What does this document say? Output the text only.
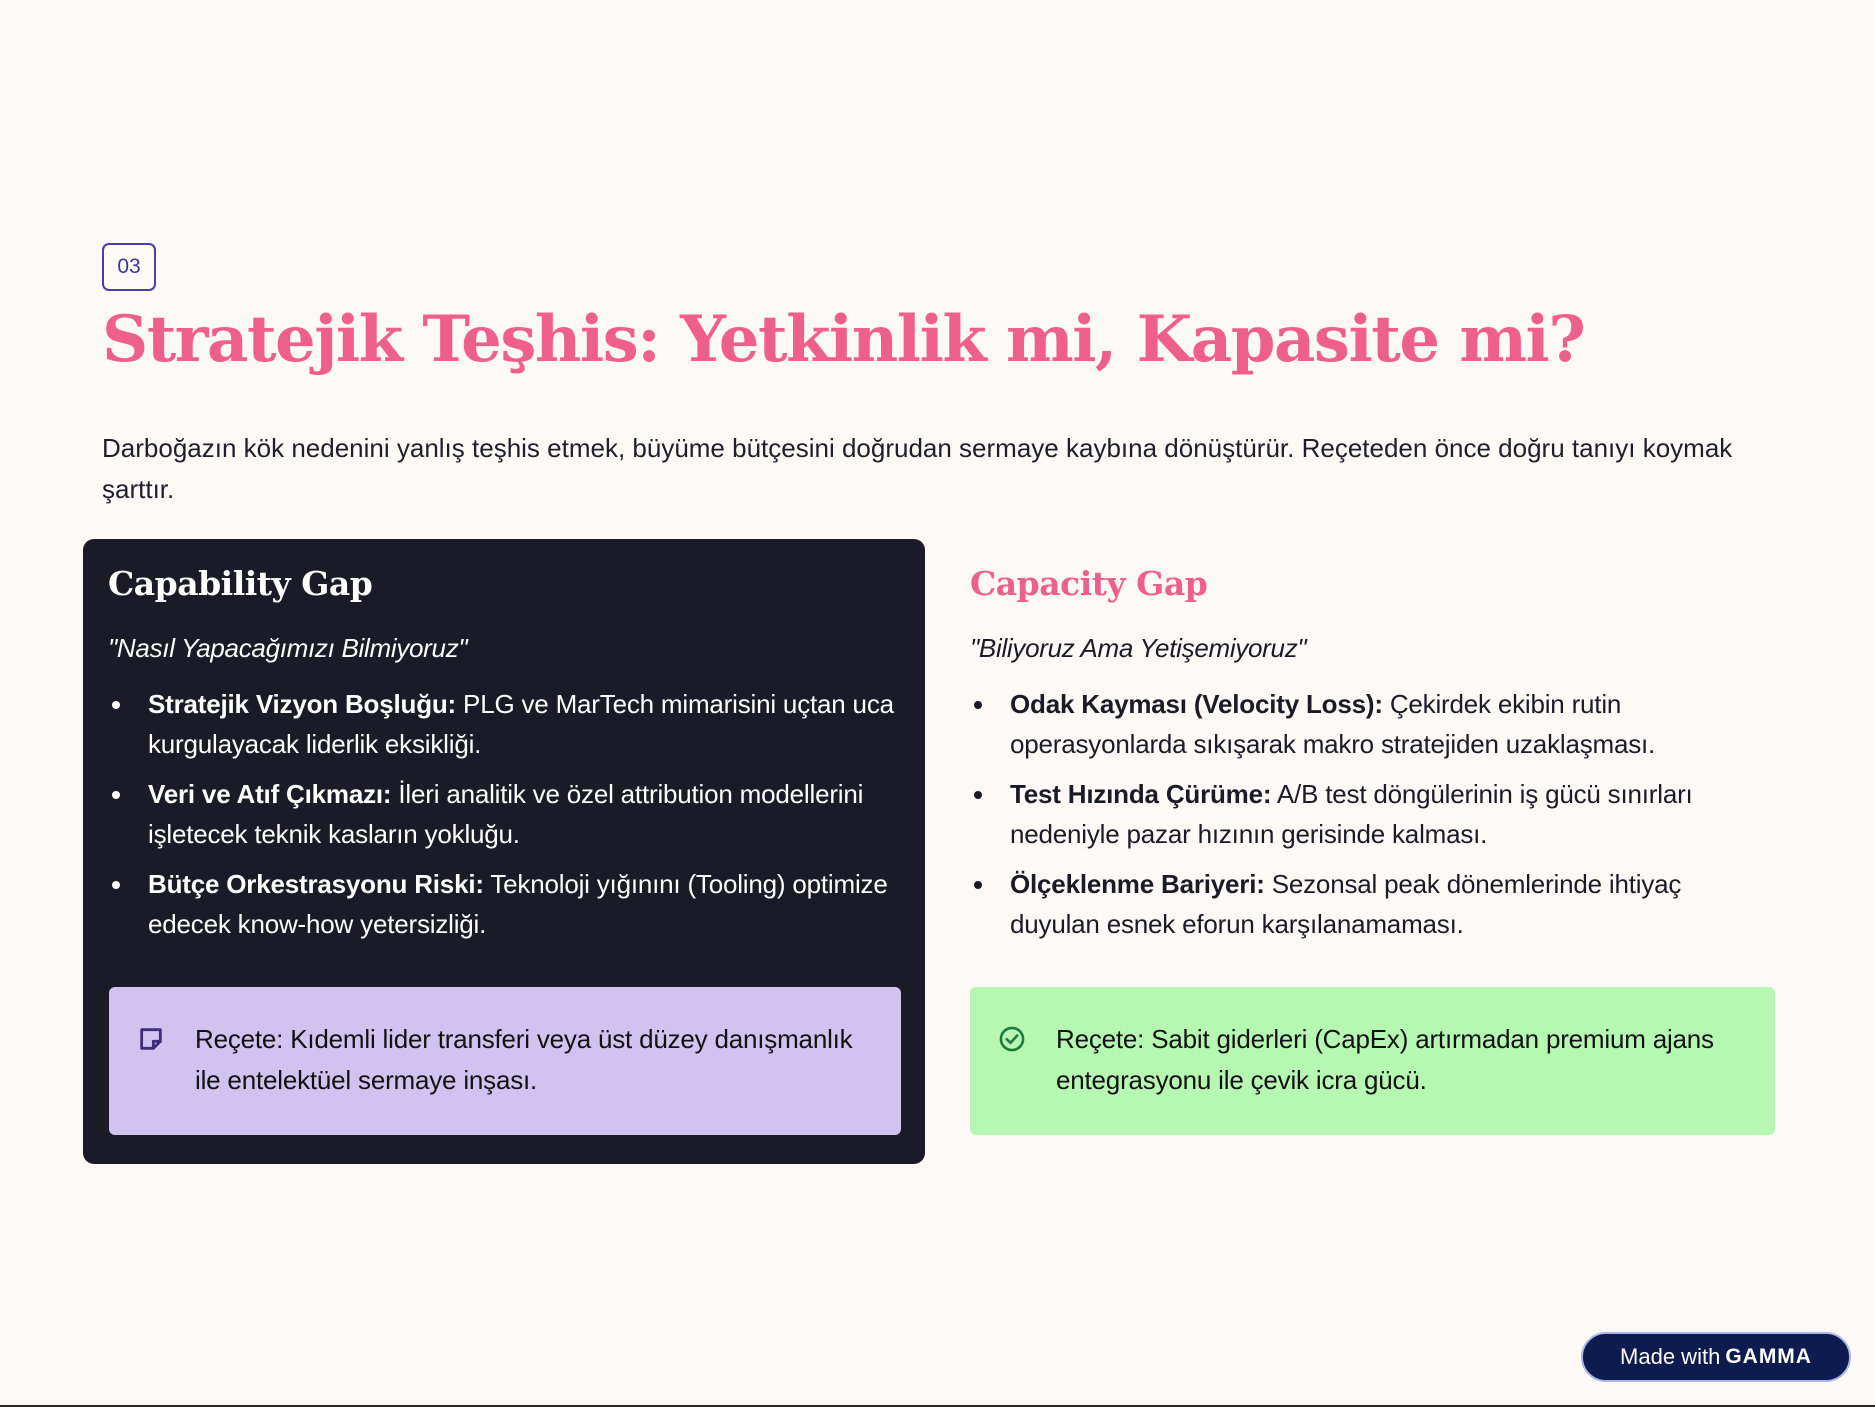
03
Stratejik Teşhis: Yetkinlik mi, Kapasite mi?

Darboğazın kök nedenini yanlış teşhis etmek, büyüme bütçesini doğrudan sermaye kaybına dönüştürür. Reçeteden önce doğru tanıyı koymak şarttır.

Capability Gap

"Nasıl Yapacağımızı Bilmiyoruz"

Stratejik Vizyon Boşluğu: PLG ve MarTech mimarisini uçtan uca kurgulayacak liderlik eksikliği.
Veri ve Atıf Çıkmazı: İleri analitik ve özel attribution modellerini işletecek teknik kasların yokluğu.
Bütçe Orkestrasyonu Riski: Teknoloji yığınını (Tooling) optimize edecek know-how yetersizliği.
Reçete: Kıdemli lider transferi veya üst düzey danışmanlık ile entelektüel sermaye inşası.
Capacity Gap

"Biliyoruz Ama Yetişemiyoruz"

Odak Kayması (Velocity Loss): Çekirdek ekibin rutin operasyonlarda sıkışarak makro stratejiden uzaklaşması.
Test Hızında Çürüme: A/B test döngülerinin iş gücü sınırları nedeniyle pazar hızının gerisinde kalması.
Ölçeklenme Bariyeri: Sezonsal peak dönemlerinde ihtiyaç duyulan esnek eforun karşılanamaması.
Reçete: Sabit giderleri (CapEx) artırmadan premium ajans entegrasyonu ile çevik icra gücü.
Made with GAMMA
